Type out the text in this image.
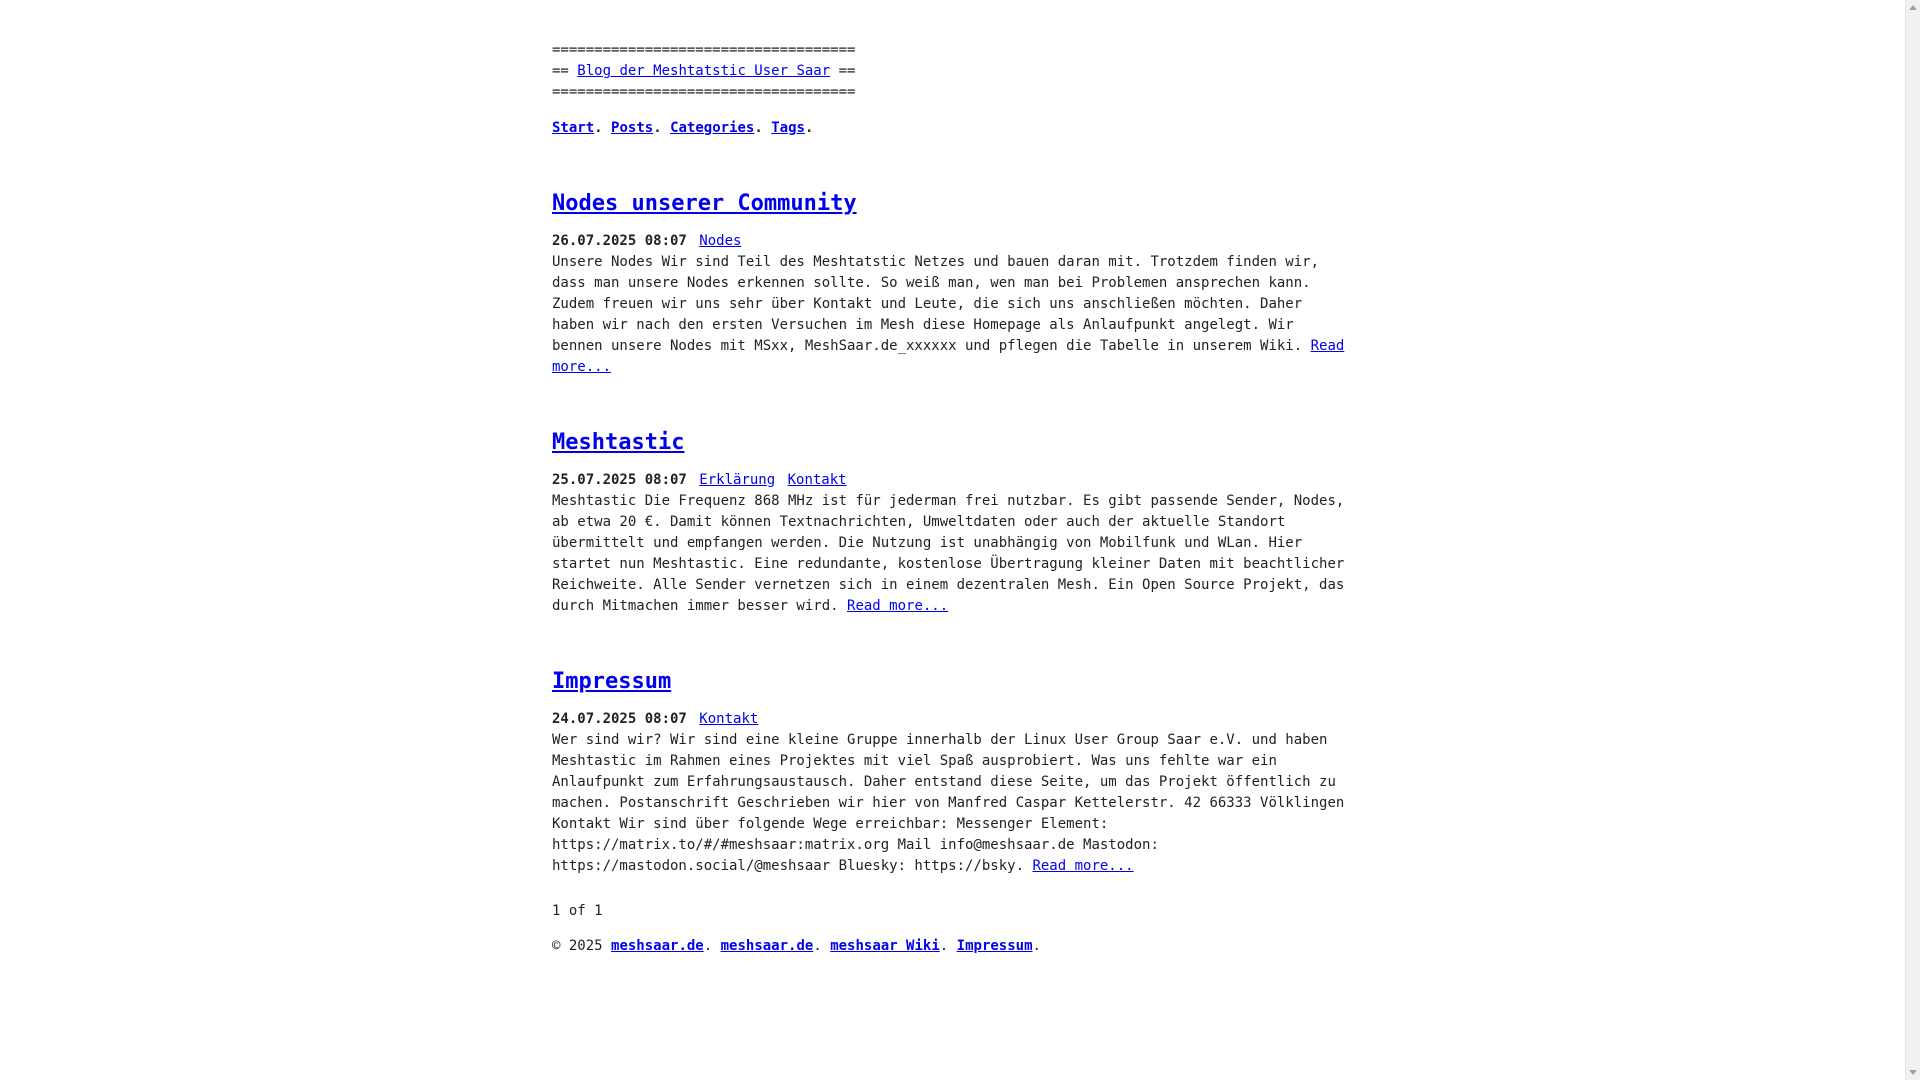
====================================
== Blog der Meshtatstic User Saar ==
====================================
Start. Posts. Categories. Tags.
Nodes unserer Community
26.07.2025 08:07 Nodes

Unsere Nodes Wir sind Teil des Meshtatstic Netzes und bauen daran mit. Trotzdem finden wir, dass man unsere Nodes erkennen sollte. So weiß man, wen man bei Problemen ansprechen kann. Zudem freuen wir uns sehr über Kontakt und Leute, die sich uns anschließen möchten. Daher haben wir nach den ersten Versuchen im Mesh diese Homepage als Anlaufpunkt angelegt. Wir bennen unsere Nodes mit MSxx, MeshSaar.de_xxxxxx und pflegen die Tabelle in unserem Wiki. Read more...

Meshtastic
25.07.2025 08:07 Erklärung Kontakt

Meshtastic Die Frequenz 868 MHz ist für jederman frei nutzbar. Es gibt passende Sender, Nodes, ab etwa 20 €. Damit können Textnachrichten, Umweltdaten oder auch der aktuelle Standort übermittelt und empfangen werden. Die Nutzung ist unabhängig von Mobilfunk und WLan. Hier startet nun Meshtastic. Eine redundante, kostenlose Übertragung kleiner Daten mit beachtlicher Reichweite. Alle Sender vernetzen sich in einem dezentralen Mesh. Ein Open Source Projekt, das durch Mitmachen immer besser wird. Read more...

Impressum
24.07.2025 08:07 Kontakt

Wer sind wir? Wir sind eine kleine Gruppe innerhalb der Linux User Group Saar e.V. und haben Meshtastic im Rahmen eines Projektes mit viel Spaß ausprobiert. Was uns fehlte war ein Anlaufpunkt zum Erfahrungsaustausch. Daher entstand diese Seite, um das Projekt öffentlich zu machen. Postanschrift Geschrieben wir hier von Manfred Caspar Kettelerstr. 42 66333 Völklingen Kontakt Wir sind über folgende Wege erreichbar: Messenger Element: https://matrix.to/#/#meshsaar:matrix.org Mail info@meshsaar.de Mastodon: https://mastodon.social/@meshsaar Bluesky: https://bsky. Read more...

1 of 1
© 2025 meshsaar.de. meshsaar.de. meshsaar Wiki. Impressum.
